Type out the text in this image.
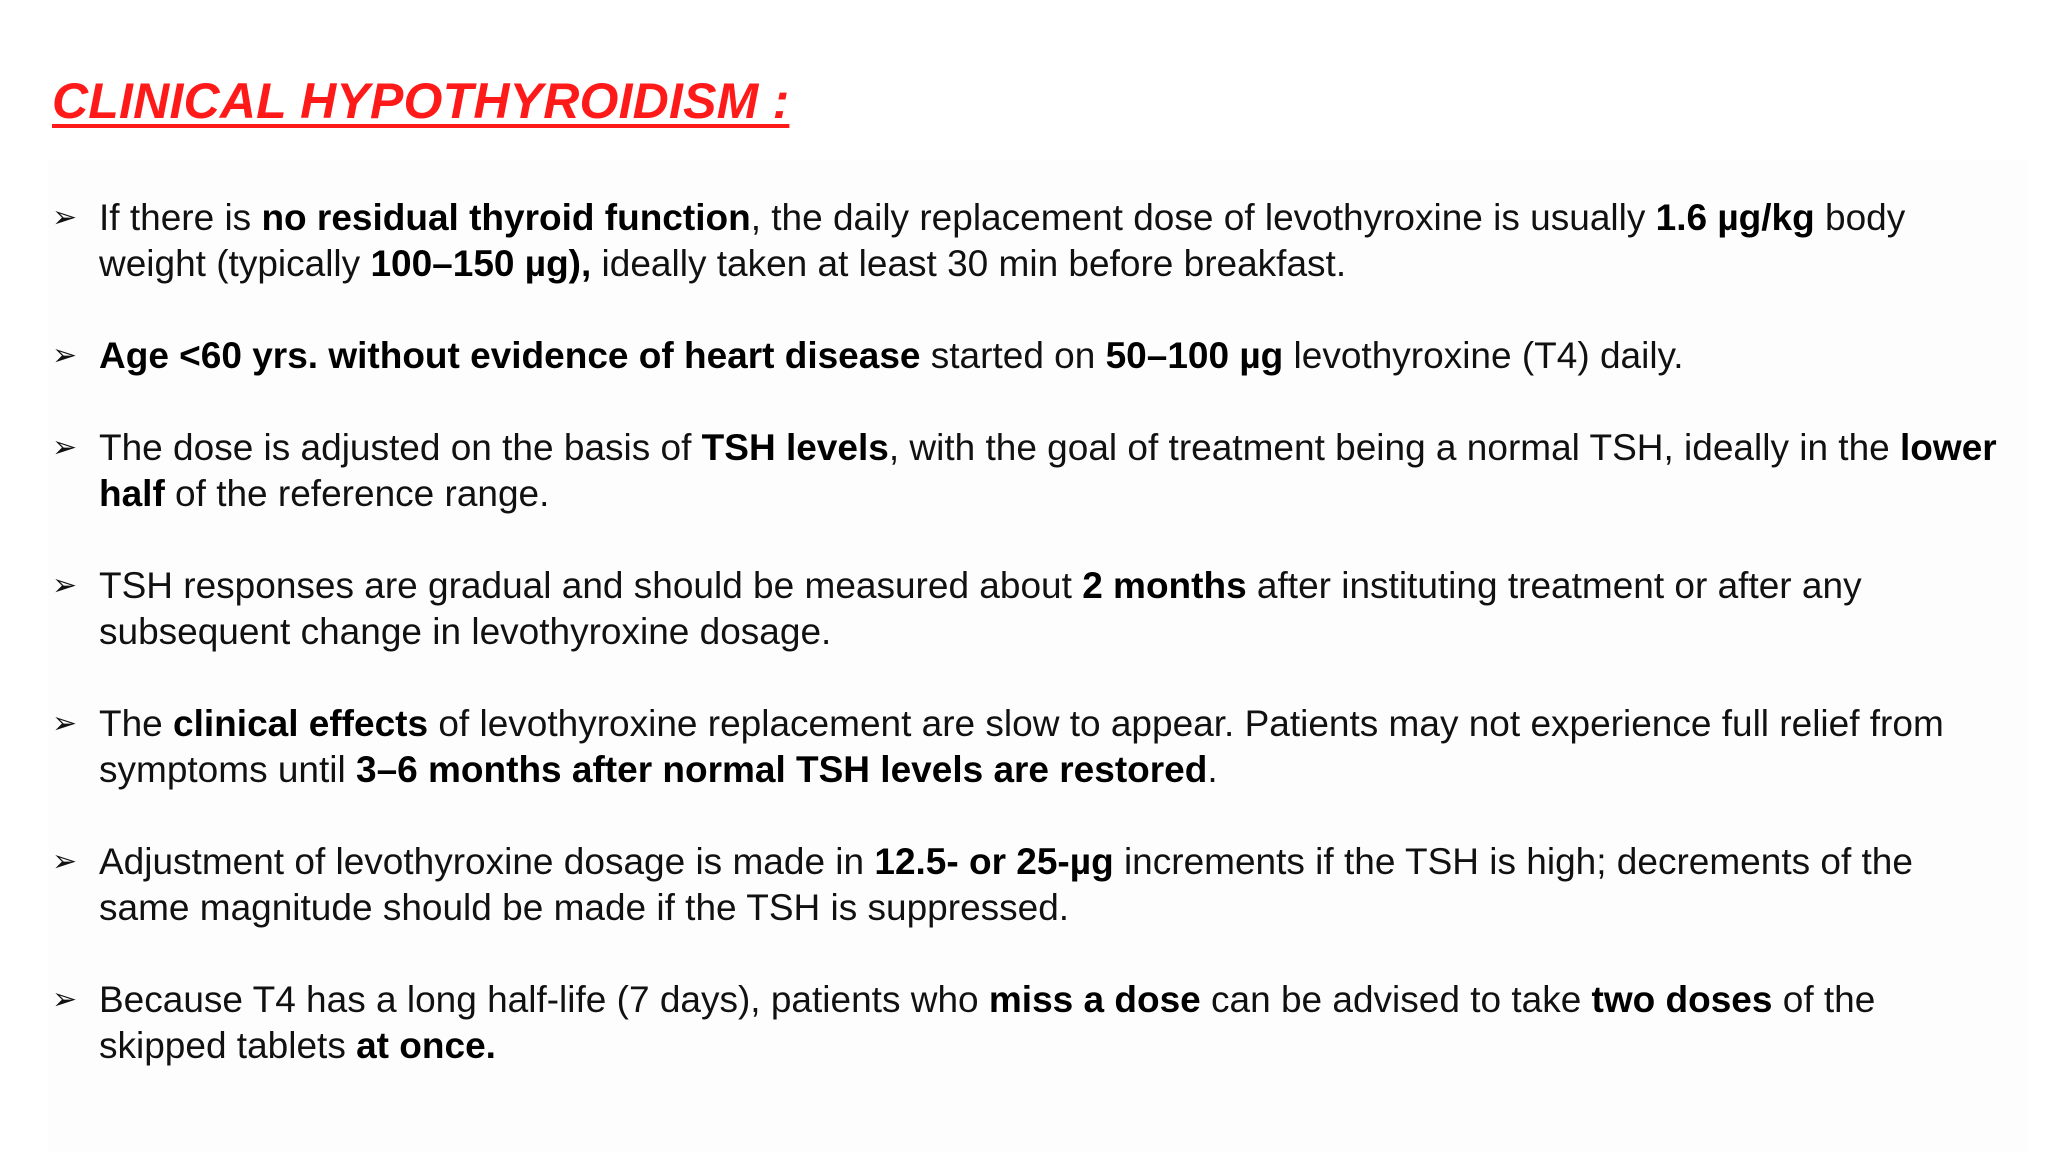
CLINICAL HYPOTHYROIDISM :
➢ If there is no residual thyroid function, the daily replacement dose of levothyroxine is usually 1.6 µg/kg body weight (typically 100–150 µg), ideally taken at least 30 min before breakfast.
➢ Age <60 yrs. without evidence of heart disease started on 50–100 µg levothyroxine (T4) daily.
➢ The dose is adjusted on the basis of TSH levels, with the goal of treatment being a normal TSH, ideally in the lower half of the reference range.
➢ TSH responses are gradual and should be measured about 2 months after instituting treatment or after any subsequent change in levothyroxine dosage.
➢ The clinical effects of levothyroxine replacement are slow to appear. Patients may not experience full relief from symptoms until 3–6 months after normal TSH levels are restored.
➢ Adjustment of levothyroxine dosage is made in 12.5- or 25-µg increments if the TSH is high; decrements of the same magnitude should be made if the TSH is suppressed.
➢ Because T4 has a long half-life (7 days), patients who miss a dose can be advised to take two doses of the skipped tablets at once.
